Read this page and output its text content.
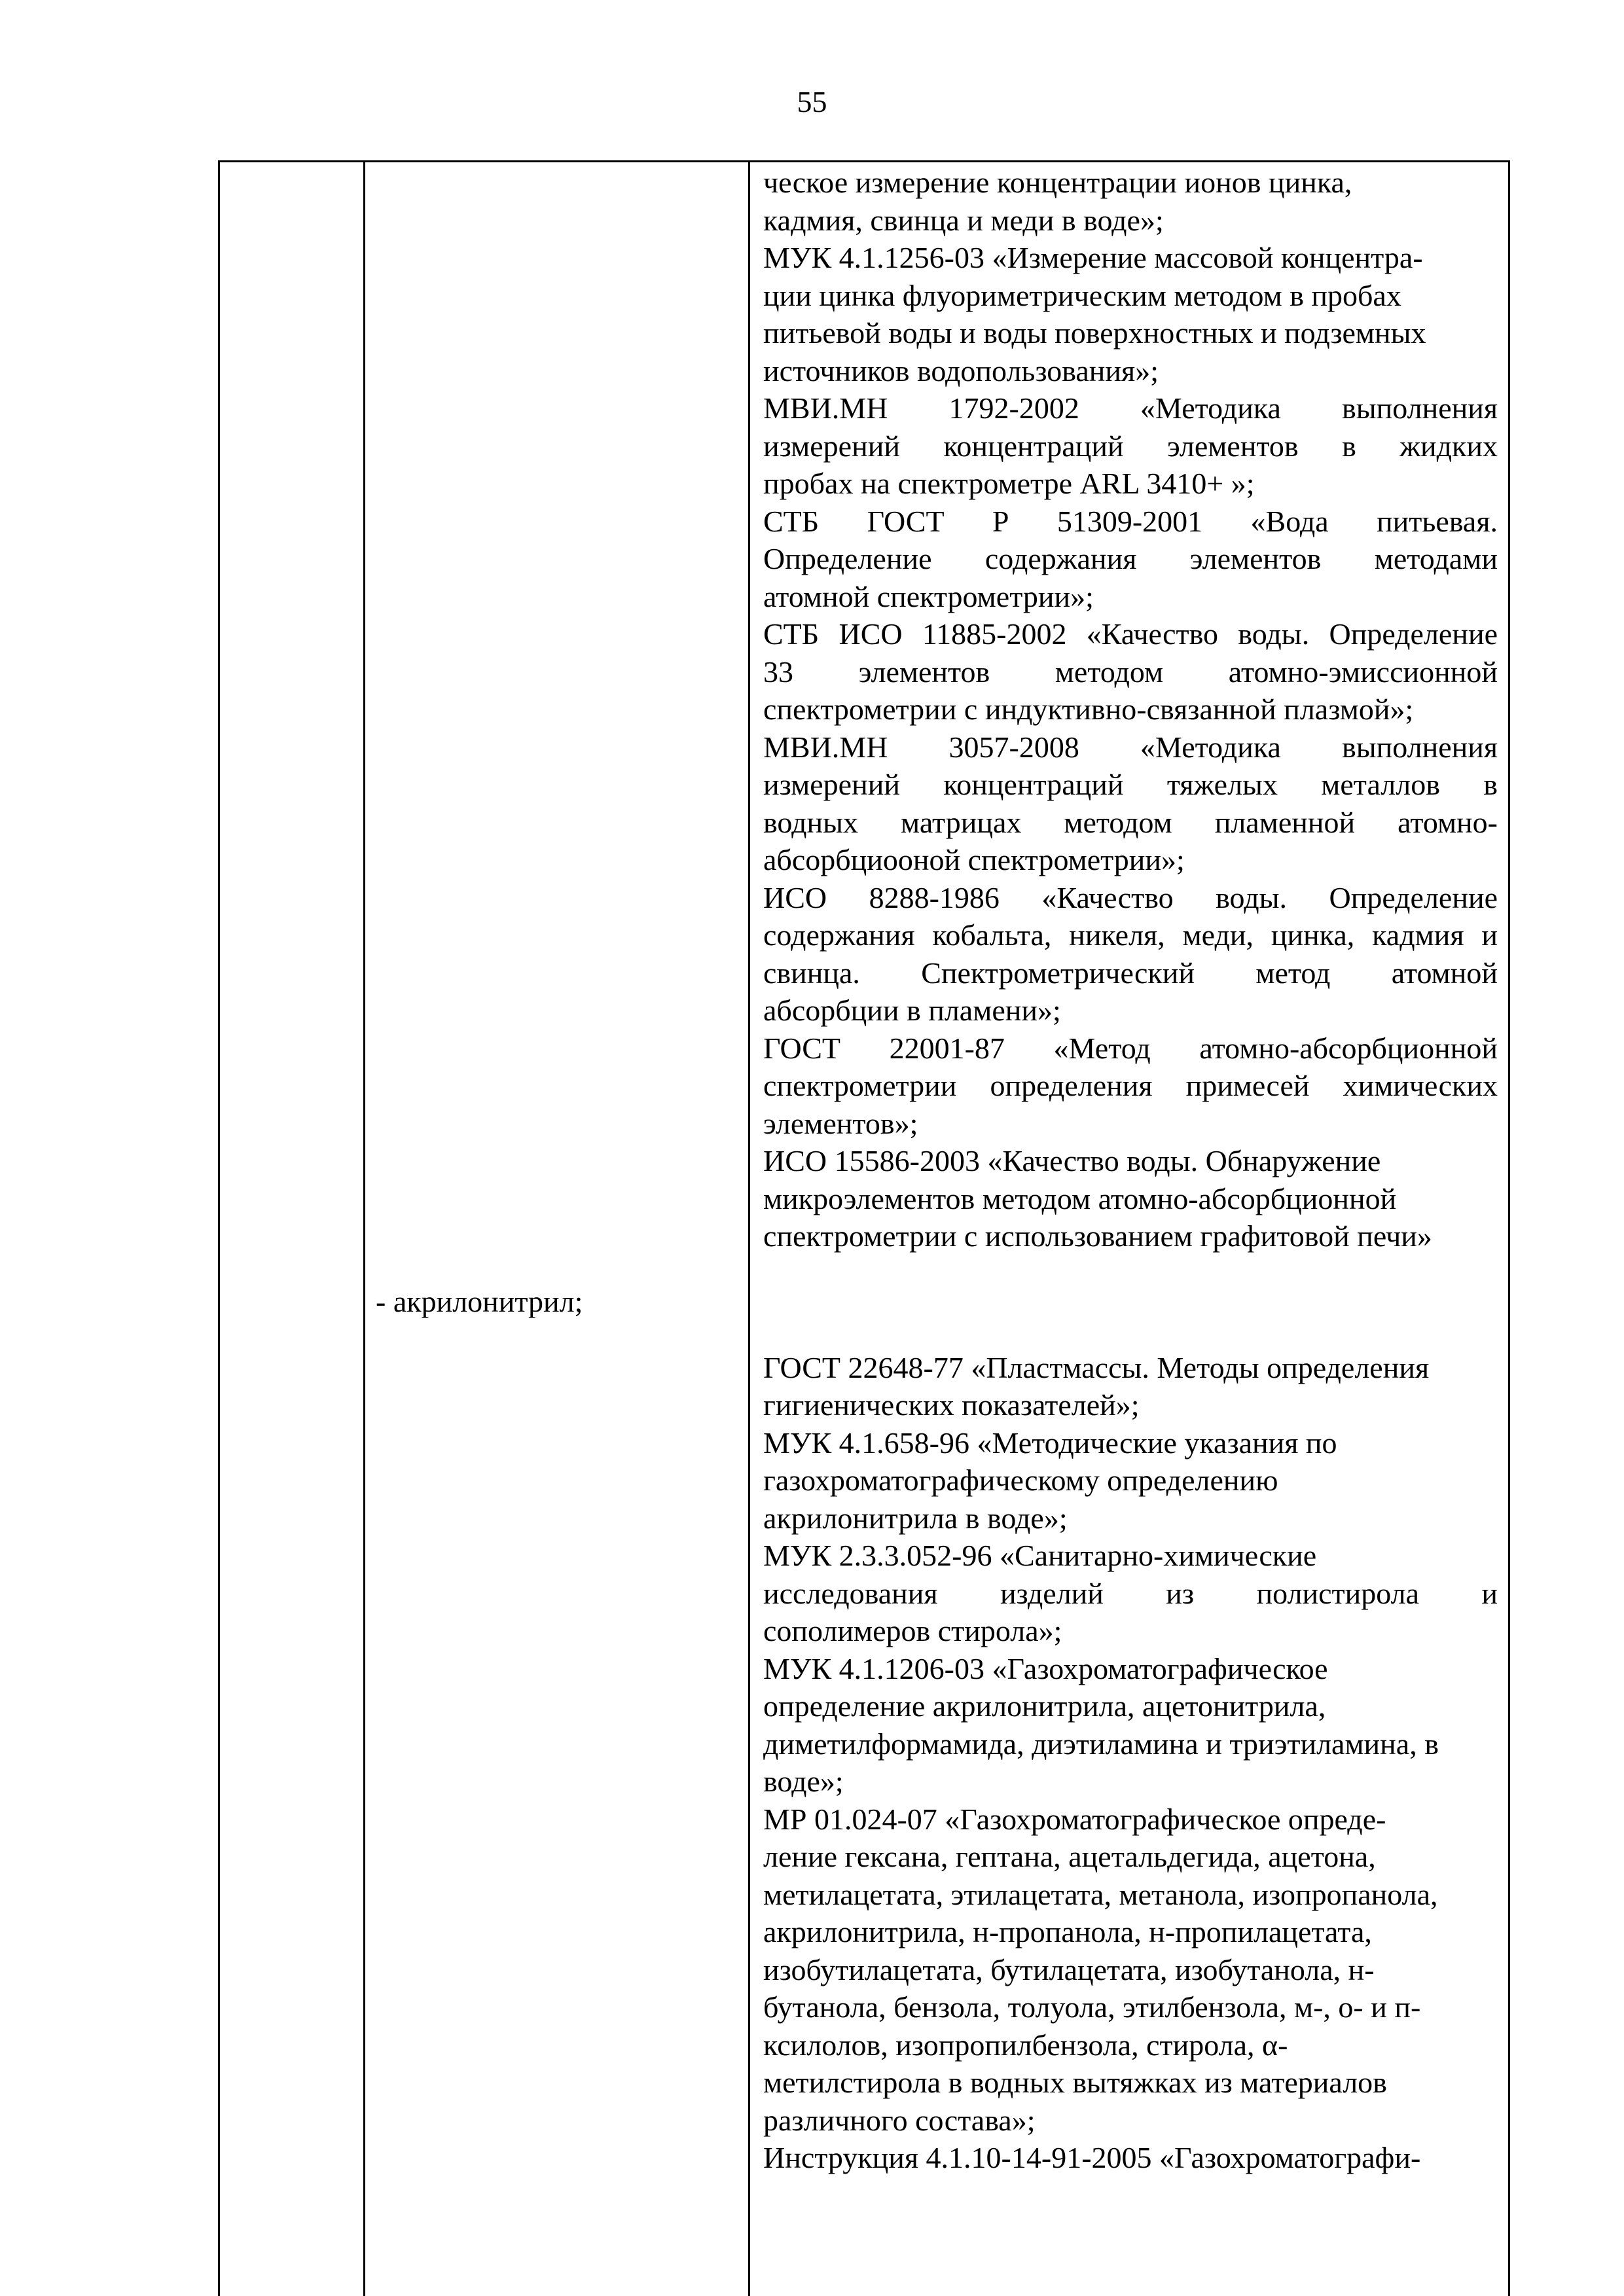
55
- акрилонитрил;
ческое измерение концентрации ионов цинка,
кадмия, свинца и меди в воде»;
МУК 4.1.1256-03 «Измерение массовой концентра-
ции цинка флуориметрическим методом в пробах
питьевой воды и воды поверхностных и подземных
источников водопользования»;
МВИ.МН 1792-2002 «Методика выполнения
измерений концентраций элементов в жидких
пробах на спектрометре ARL 3410+ »;
СТБ ГОСТ Р 51309-2001 «Вода питьевая.
Определение содержания элементов методами
атомной спектрометрии»;
СТБ ИСО 11885-2002 «Качество воды. Определение
33 элементов методом атомно-эмиссионной
спектрометрии с индуктивно-связанной плазмой»;
МВИ.МН 3057-2008 «Методика выполнения
измерений концентраций тяжелых металлов в
водных матрицах методом пламенной атомно-
абсорбциооной спектрометрии»;
ИСО 8288-1986 «Качество воды. Определение
содержания кобальта, никеля, меди, цинка, кадмия и
свинца. Спектрометрический метод атомной
абсорбции в пламени»;
ГОСТ 22001-87 «Метод атомно-абсорбционной
спектрометрии определения примесей химических
элементов»;
ИСО 15586-2003 «Качество воды. Обнаружение
микроэлементов методом атомно-абсорбционной
спектрометрии с использованием графитовой печи»
ГОСТ 22648-77 «Пластмассы. Методы определения
гигиенических показателей»;
МУК 4.1.658-96 «Методические указания по
газохроматографическому определению
акрилонитрила в воде»;
МУК 2.3.3.052-96 «Санитарно-химические
исследования изделий из полистирола и
сополимеров стирола»;
МУК 4.1.1206-03 «Газохроматографическое
определение акрилонитрила, ацетонитрила,
диметилформамида, диэтиламина и триэтиламина, в
воде»;
МР 01.024-07 «Газохроматографическое опреде-
ление гексана, гептана, ацетальдегида, ацетона,
метилацетата, этилацетата, метанола, изопропанола,
акрилонитрила, н-пропанола, н-пропилацетата,
изобутилацетата, бутилацетата, изобутанола, н-
бутанола, бензола, толуола, этилбензола, м-, о- и п-
ксилолов, изопропилбензола, стирола, α-
метилстирола в водных вытяжках из материалов
различного состава»;
Инструкция 4.1.10-14-91-2005 «Газохроматографи-
